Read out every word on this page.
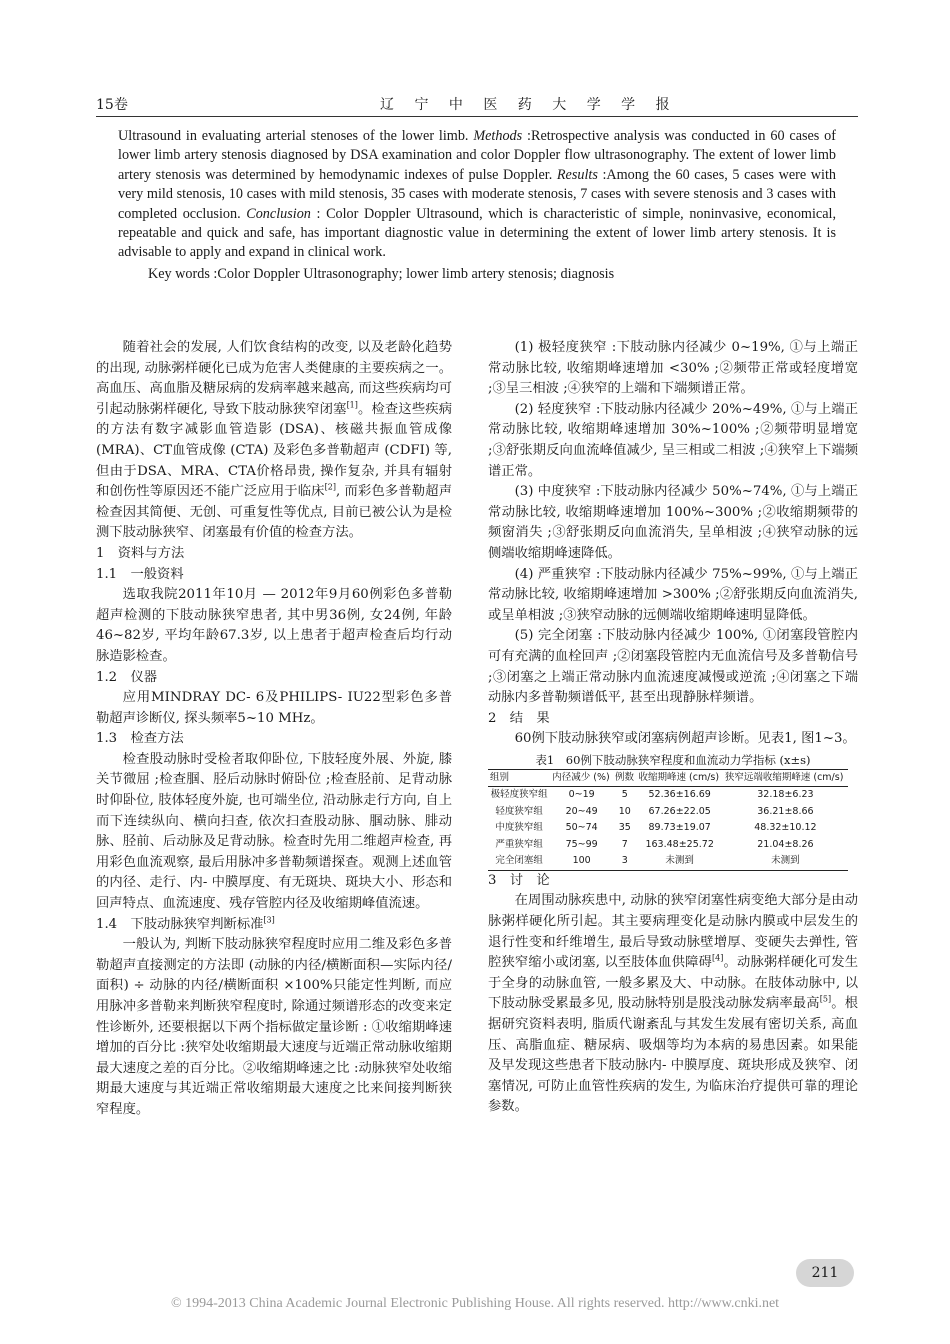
15卷	辽 宁 中 医 药 大 学 学 报

Ultrasound in evaluating arterial stenoses of the lower limb. Methods :Retrospective analysis was conducted in 60 cases of lower limb artery stenosis diagnosed by DSA examination and color Doppler flow ultrasonography. The extent of lower limb artery stenosis was determined by hemodynamic indexes of pulse Doppler. Results :Among the 60 cases, 5 cases were with very mild stenosis, 10 cases with mild stenosis, 35 cases with moderate stenosis, 7 cases with severe stenosis and 3 cases with completed occlusion. Conclusion : Color Doppler Ultrasound, which is characteristic of simple, noninvasive, economical, repeatable and quick and safe, has important diagnostic value in determining the extent of lower limb artery stenosis. It is advisable to apply and expand in clinical work.

Key words :Color Doppler Ultrasonography; lower limb artery stenosis; diagnosis

随着社会的发展, 人们饮食结构的改变, 以及老龄化趋势的出现, 动脉粥样硬化已成为危害人类健康的主要疾病之一。高血压、高血脂及糖尿病的发病率越来越高, 而这些疾病均可引起动脉粥样硬化, 导致下肢动脉狭窄闭塞[1]。检查这些疾病的方法有数字减影血管造影 (DSA)、核磁共振血管成像 (MRA)、CT血管成像 (CTA) 及彩色多普勒超声 (CDFI) 等, 但由于DSA、MRA、CTA价格昂贵, 操作复杂, 并具有辐射和创伤性等原因还不能广泛应用于临床[2], 而彩色多普勒超声检查因其简便、无创、可重复性等优点, 目前已被公认为是检测下肢动脉狭窄、闭塞最有价值的检查方法。

1　资料与方法

1.1　一般资料

选取我院2011年10月 — 2012年9月60例彩色多普勒超声检测的下肢动脉狭窄患者, 其中男36例, 女24例, 年龄46~82岁, 平均年龄67.3岁, 以上患者于超声检查后均行动脉造影检查。

1.2　仪器

应用MINDRAY DC- 6及PHILIPS- IU22型彩色多普勒超声诊断仪, 探头频率5~10 MHz。

1.3　检查方法

检查股动脉时受检者取仰卧位, 下肢轻度外展、外旋, 膝关节微屈 ;检查腘、胫后动脉时俯卧位 ;检查胫前、足背动脉时仰卧位, 肢体轻度外旋, 也可端坐位, 沿动脉走行方向, 自上而下连续纵向、横向扫查, 依次扫查股动脉、腘动脉、腓动脉、胫前、后动脉及足背动脉。检查时先用二维超声检查, 再用彩色血流观察, 最后用脉冲多普勒频谱探查。观测上述血管的内径、走行、内- 中膜厚度、有无斑块、斑块大小、形态和回声特点、血流速度、残存管腔内径及收缩期峰值流速。

1.4　下肢动脉狭窄判断标准[3]

一般认为, 判断下肢动脉狭窄程度时应用二维及彩色多普勒超声直接测定的方法即 (动脉的内径/横断面积—实际内径/面积) ÷ 动脉的内径/横断面积 ×100%只能定性判断, 而应用脉冲多普勒来判断狭窄程度时, 除通过频谱形态的改变来定性诊断外, 还要根据以下两个指标做定量诊断 : ①收缩期峰速增加的百分比 :狭窄处收缩期最大速度与近端正常动脉收缩期最大速度之差的百分比。②收缩期峰速之比 :动脉狭窄处收缩期最大速度与其近端正常收缩期最大速度之比来间接判断狭窄程度。

(1) 极轻度狭窄 :下肢动脉内径减少 0~19%, ①与上端正常动脉比较, 收缩期峰速增加 <30% ;②频带正常或轻度增宽 ;③呈三相波 ;④狭窄的上端和下端频谱正常。

(2) 轻度狭窄 :下肢动脉内径减少 20%~49%, ①与上端正常动脉比较, 收缩期峰速增加 30%~100% ;②频带明显增宽 ;③舒张期反向血流峰值减少, 呈三相或二相波 ;④狭窄上下端频谱正常。

(3) 中度狭窄 :下肢动脉内径减少 50%~74%, ①与上端正常动脉比较, 收缩期峰速增加 100%~300% ;②收缩期频带的频窗消失 ;③舒张期反向血流消失, 呈单相波 ;④狭窄动脉的远侧端收缩期峰速降低。

(4) 严重狭窄 :下肢动脉内径减少 75%~99%, ①与上端正常动脉比较, 收缩期峰速增加 >300% ;②舒张期反向血流消失, 或呈单相波 ;③狭窄动脉的远侧端收缩期峰速明显降低。

(5) 完全闭塞 :下肢动脉内径减少 100%, ①闭塞段管腔内可有充满的血栓回声 ;②闭塞段管腔内无血流信号及多普勒信号 ;③闭塞之上端正常动脉内血流速度减慢或逆流 ;④闭塞之下端动脉内多普勒频谱低平, 甚至出现静脉样频谱。

2　结　果

60例下肢动脉狭窄或闭塞病例超声诊断。见表1, 图1~3。

表1　60例下肢动脉狭窄程度和血流动力学指标 (x±s)

组别	内径减少 (%)	例数	收缩期峰速 (cm/s)	狭窄远端收缩期峰速 (cm/s)
极轻度狭窄组	0~19	5	52.36±16.69	32.18±6.23
轻度狭窄组	20~49	10	67.26±22.05	36.21±8.66
中度狭窄组	50~74	35	89.73±19.07	48.32±10.12
严重狭窄组	75~99	7	163.48±25.72	21.04±8.26
完全闭塞组	100	3	未测到	未测到

3　讨　论

在周围动脉疾患中, 动脉的狭窄闭塞性病变绝大部分是由动脉粥样硬化所引起。其主要病理变化是动脉内膜或中层发生的退行性变和纤维增生, 最后导致动脉壁增厚、变硬失去弹性, 管腔狭窄缩小或闭塞, 以至肢体血供障碍[4]。动脉粥样硬化可发生于全身的动脉血管, 一般多累及大、中动脉。在肢体动脉中, 以下肢动脉受累最多见, 股动脉特别是股浅动脉发病率最高[5]。根据研究资料表明, 脂质代谢紊乱与其发生发展有密切关系, 高血压、高脂血症、糖尿病、吸烟等均为本病的易患因素。如果能及早发现这些患者下肢动脉内- 中膜厚度、斑块形成及狭窄、闭塞情况, 可防止血管性疾病的发生, 为临床治疗提供可靠的理论参数。

211
© 1994-2013 China Academic Journal Electronic Publishing House. All rights reserved. http://www.cnki.net
